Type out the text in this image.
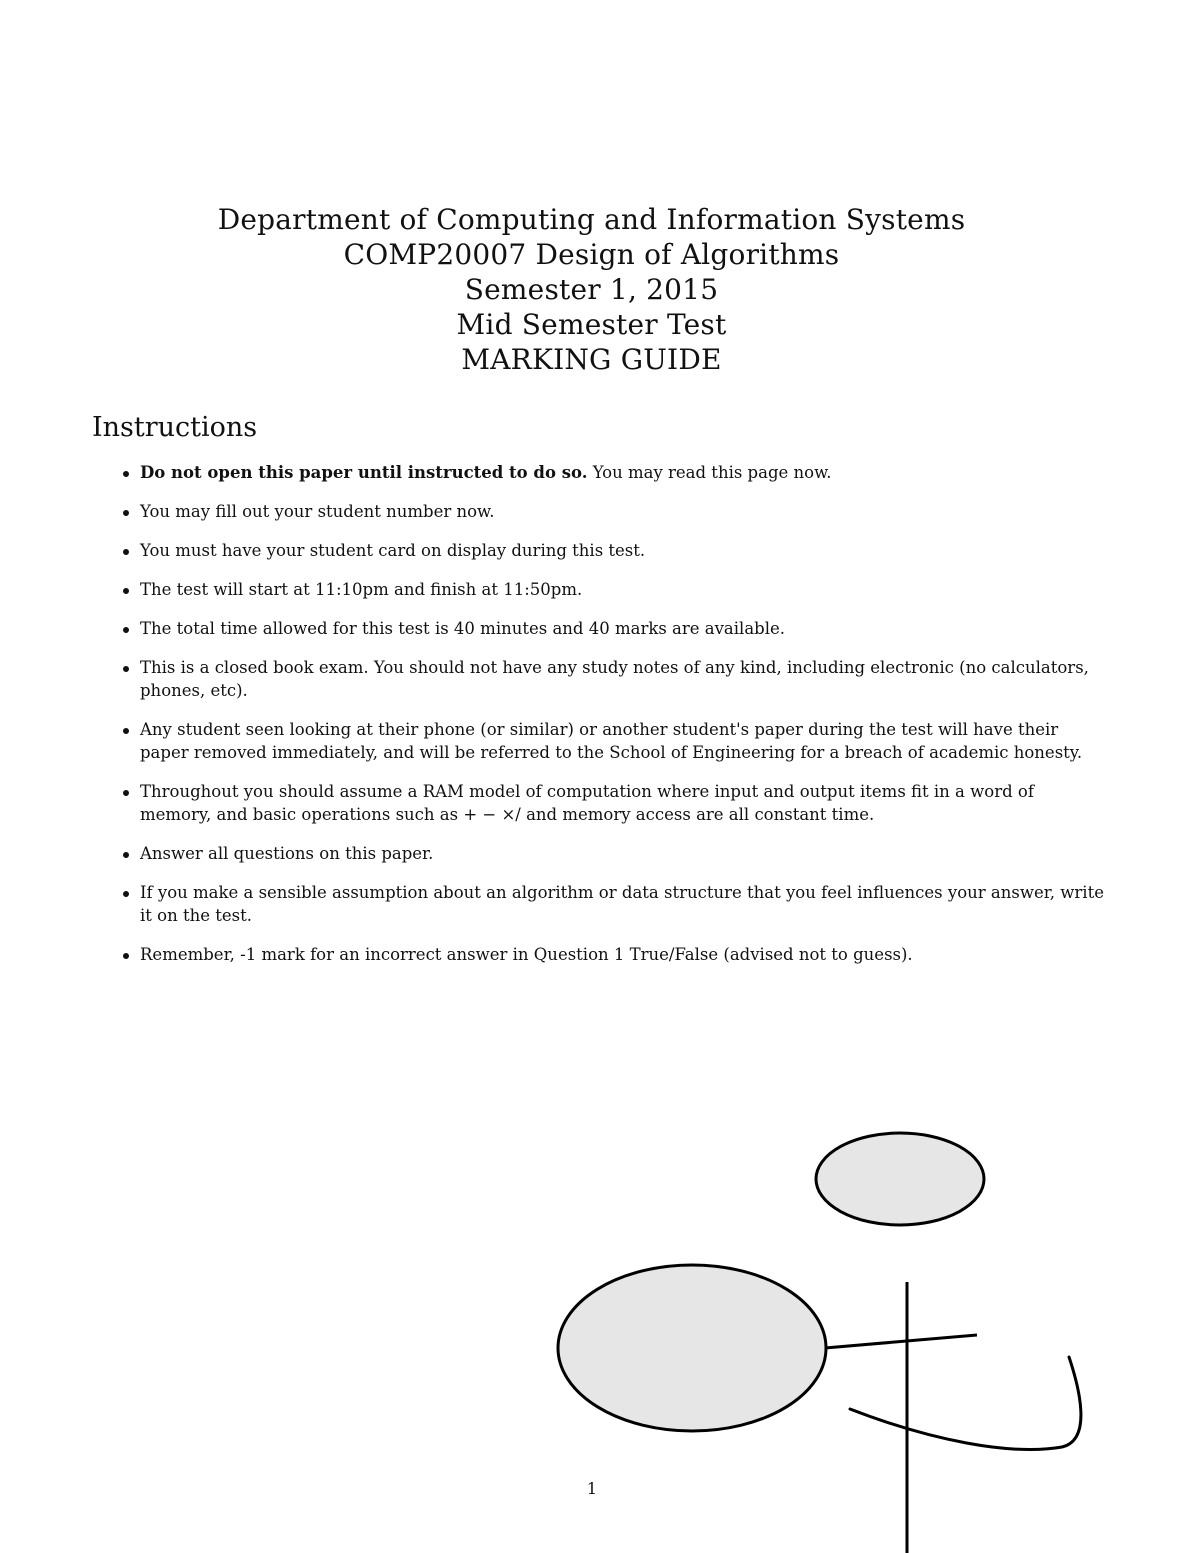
Department of Computing and Information Systems
COMP20007 Design of Algorithms
Semester 1, 2015
Mid Semester Test
MARKING GUIDE
Instructions
Do not open this paper until instructed to do so. You may read this page now.
You may fill out your student number now.
You must have your student card on display during this test.
The test will start at 11:10pm and finish at 11:50pm.
The total time allowed for this test is 40 minutes and 40 marks are available.
This is a closed book exam. You should not have any study notes of any kind, including electronic (no calculators, phones, etc).
Any student seen looking at their phone (or similar) or another student's paper during the test will have their paper removed immediately, and will be referred to the School of Engineering for a breach of academic honesty.
Throughout you should assume a RAM model of computation where input and output items fit in a word of memory, and basic operations such as + − ×/ and memory access are all constant time.
Answer all questions on this paper.
If you make a sensible assumption about an algorithm or data structure that you feel influences your answer, write it on the test.
Remember, -1 mark for an incorrect answer in Question 1 True/False (advised not to guess).
1
